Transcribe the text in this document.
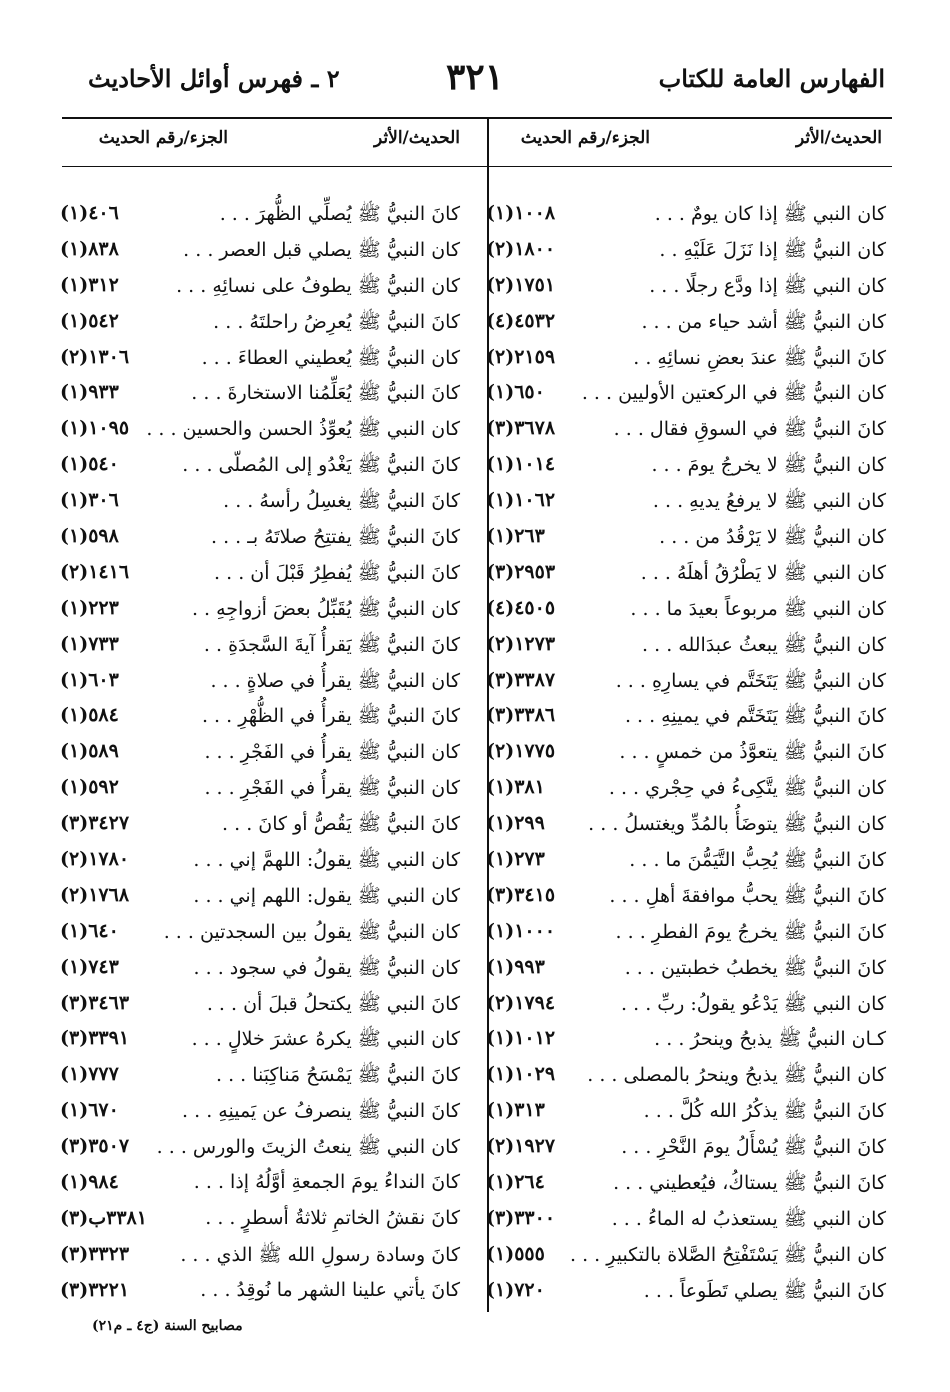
الفهارس العامة للكتاب
٣٢١
٢ ـ فهرس أوائل الأحاديث
الحديث/الأثر
الجزء/رقم الحديث
الحديث/الأثر
الجزء/رقم الحديث
كان النبي ﷺ إذا كان يومٌ . . .
(١)١٠٠٨
كان النبيُّ ﷺ إذا نَزَلَ عَلَيْهِ . .
(٢)١٨٠٠
كان النبي ﷺ إذا ودَّع رجلًا . . .
(٢)١٧٥١
كان النبيُّ ﷺ أشد حياء من . . .
(٤)٤٥٣٢
كانَ النبيُّ ﷺ عندَ بعضِ نسائِهِ . .
(٢)٢١٥٩
كان النبيُّ ﷺ في الركعتين الأوليين . . .
(١)٦٥٠
كانَ النبيُّ ﷺ في السوقِ فقال . . .
(٣)٣٦٧٨
كان النبيُّ ﷺ لا يخرجُ يومَ . . .
(١)١٠١٤
كان النبي ﷺ لا يرفعُ يديهِ . . .
(١)١٠٦٢
كان النبيُّ ﷺ لا يَرْقُدُ من . . .
(١)٢٦٣
كان النبي ﷺ لا يَطْرُقُ أهلَهُ . . .
(٣)٢٩٥٣
كان النبي ﷺ مربوعاً بعيدَ ما . . .
(٤)٤٥٠٥
كان النبيُّ ﷺ يبعثُ عبدَالله . . .
(٢)١٢٧٣
كان النبيُّ ﷺ يَتَخَتَّم في يسارِهِ . . .
(٣)٣٣٨٧
كانَ النبيُّ ﷺ يَتَخَتَّم في يمينِهِ . . .
(٣)٣٣٨٦
كانَ النبيُّ ﷺ يتعوَّذُ من خمسٍ . . .
(٢)١٧٧٥
كان النبيُّ ﷺ يتَّكِىءُ في حِجْري . . .
(١)٣٨١
كان النبيُّ ﷺ يتوضَأُ بالمُدِّ ويغتسلُ . . .
(١)٢٩٩
كانَ النبيُّ ﷺ يُحِبُّ التَّيَمُّنَ ما . . .
(١)٢٧٣
كانَ النبيُّ ﷺ يحبُّ موافقةَ أهلِ . . .
(٣)٣٤١٥
كانَ النبيُّ ﷺ يخرجُ يومَ الفطرِ . . .
(١)١٠٠٠
كانَ النبيُّ ﷺ يخطبُ خطبتين . . .
(١)٩٩٣
كان النبي ﷺ يَدْعُو يقولُ: ربِّ . . .
(٢)١٧٩٤
كـان النبيُّ ﷺ يذبحُ وينحرُ . . .
(١)١٠١٢
كان النبيُّ ﷺ يذبحُ وينحرُ بالمصلى . . .
(١)١٠٢٩
كانَ النبيُّ ﷺ يذكُرُ الله كُلَّ . . .
(١)٣١٣
كانَ النبيُّ ﷺ يُسْأَلُ يومَ النَّحْرِ . . .
(٢)١٩٢٧
كانَ النبيُّ ﷺ يستاكُ، فيُعطيني . . .
(١)٢٦٤
كان النبي ﷺ يستعذبُ له الماءُ . . .
(٣)٣٣٠٠
كان النبيُّ ﷺ يَسْتَفْتِحُ الصَّلاة بالتكبيرِ . . .
(١)٥٥٥
كانَ النبيُّ ﷺ يصلي تَطَوعاً . . .
(١)٧٢٠
كانَ النبيُّ ﷺ يُصلِّي الظُّهرَ . . .
(١)٤٠٦
كان النبيُّ ﷺ يصلي قبل العصر . . .
(١)٨٣٨
كان النبيُّ ﷺ يطوفُ على نسائِهِ . . .
(١)٣١٢
كانَ النبيُّ ﷺ يُعرِضُ راحلتَهُ . . .
(١)٥٤٢
كان النبيُّ ﷺ يُعطيني العطاءَ . . .
(٢)١٣٠٦
كانَ النبيُّ ﷺ يُعَلِّمُنا الاستخارةَ . . .
(١)٩٣٣
كان النبي ﷺ يُعوِّذُ الحسن والحسين . . .
(١)١٠٩٥
كانَ النبيُّ ﷺ يَغْدُو إلى المُصلّى . . .
(١)٥٤٠
كانَ النبيُّ ﷺ يغسِلُ رأسهُ . . .
(١)٣٠٦
كانَ النبيُّ ﷺ يفتتِحُ صلاتَهُ بـ . . .
(١)٥٩٨
كانَ النبيُّ ﷺ يُفطِرُ قَبْلَ أن . . .
(٢)١٤١٦
كان النبيُّ ﷺ يُقَبِّلُ بعضَ أزواجِهِ . .
(١)٢٢٣
كانَ النبيُّ ﷺ يَقرأُ آيةَ السَّجدَةِ . .
(١)٧٣٣
كان النبيُّ ﷺ يقرأُ في صلاةٍ . . .
(١)٦٠٣
كانَ النبيُّ ﷺ يقرأُ في الظُّهْرِ . . .
(١)٥٨٤
كان النبيُّ ﷺ يقرأُ في الفَجْرِ . . .
(١)٥٨٩
كان النبيُّ ﷺ يقرأُ في الفَجْرِ . . .
(١)٥٩٢
كانَ النبيُّ ﷺ يَقُصُّ أو كانَ . . .
(٣)٣٤٢٧
كان النبي ﷺ يقولُ: اللهمَّ إني . . .
(٢)١٧٨٠
كان النبي ﷺ يقول: اللهم إني . . .
(٢)١٧٦٨
كان النبيُّ ﷺ يقولُ بين السجدتين . . .
(١)٦٤٠
كان النبيُّ ﷺ يقولُ في سجود . . .
(١)٧٤٣
كانَ النبي ﷺ يكتحلُ قبلَ أن . . .
(٣)٣٤٦٣
كان النبي ﷺ يكرهُ عشرَ خلالٍ . . .
(٣)٣٣٩١
كانَ النبيُّ ﷺ يَمْسَحُ مَناكِبَنا . . .
(١)٧٧٧
كانَ النبيُّ ﷺ ينصرفُ عن يَمينِهِ . . .
(١)٦٧٠
كان النبي ﷺ ينعتُ الزيتَ والورس . . .
(٣)٣٥٠٧
كانَ النداءُ يومَ الجمعةِ أوَّلُهُ إذا . . .
(١)٩٨٤
كانَ نقشُ الخاتمِ ثلاثةُ أسطرٍ . . .
(٣)٣٣٨١ب
كانَ وسادة رسولِ الله ﷺ الذي . . .
(٣)٣٣٢٣
كانَ يأتي علينا الشهر ما نُوقِدُ . . .
(٣)٣٢٢١
مصابيح السنة (ج٤ ـ م٢١)
